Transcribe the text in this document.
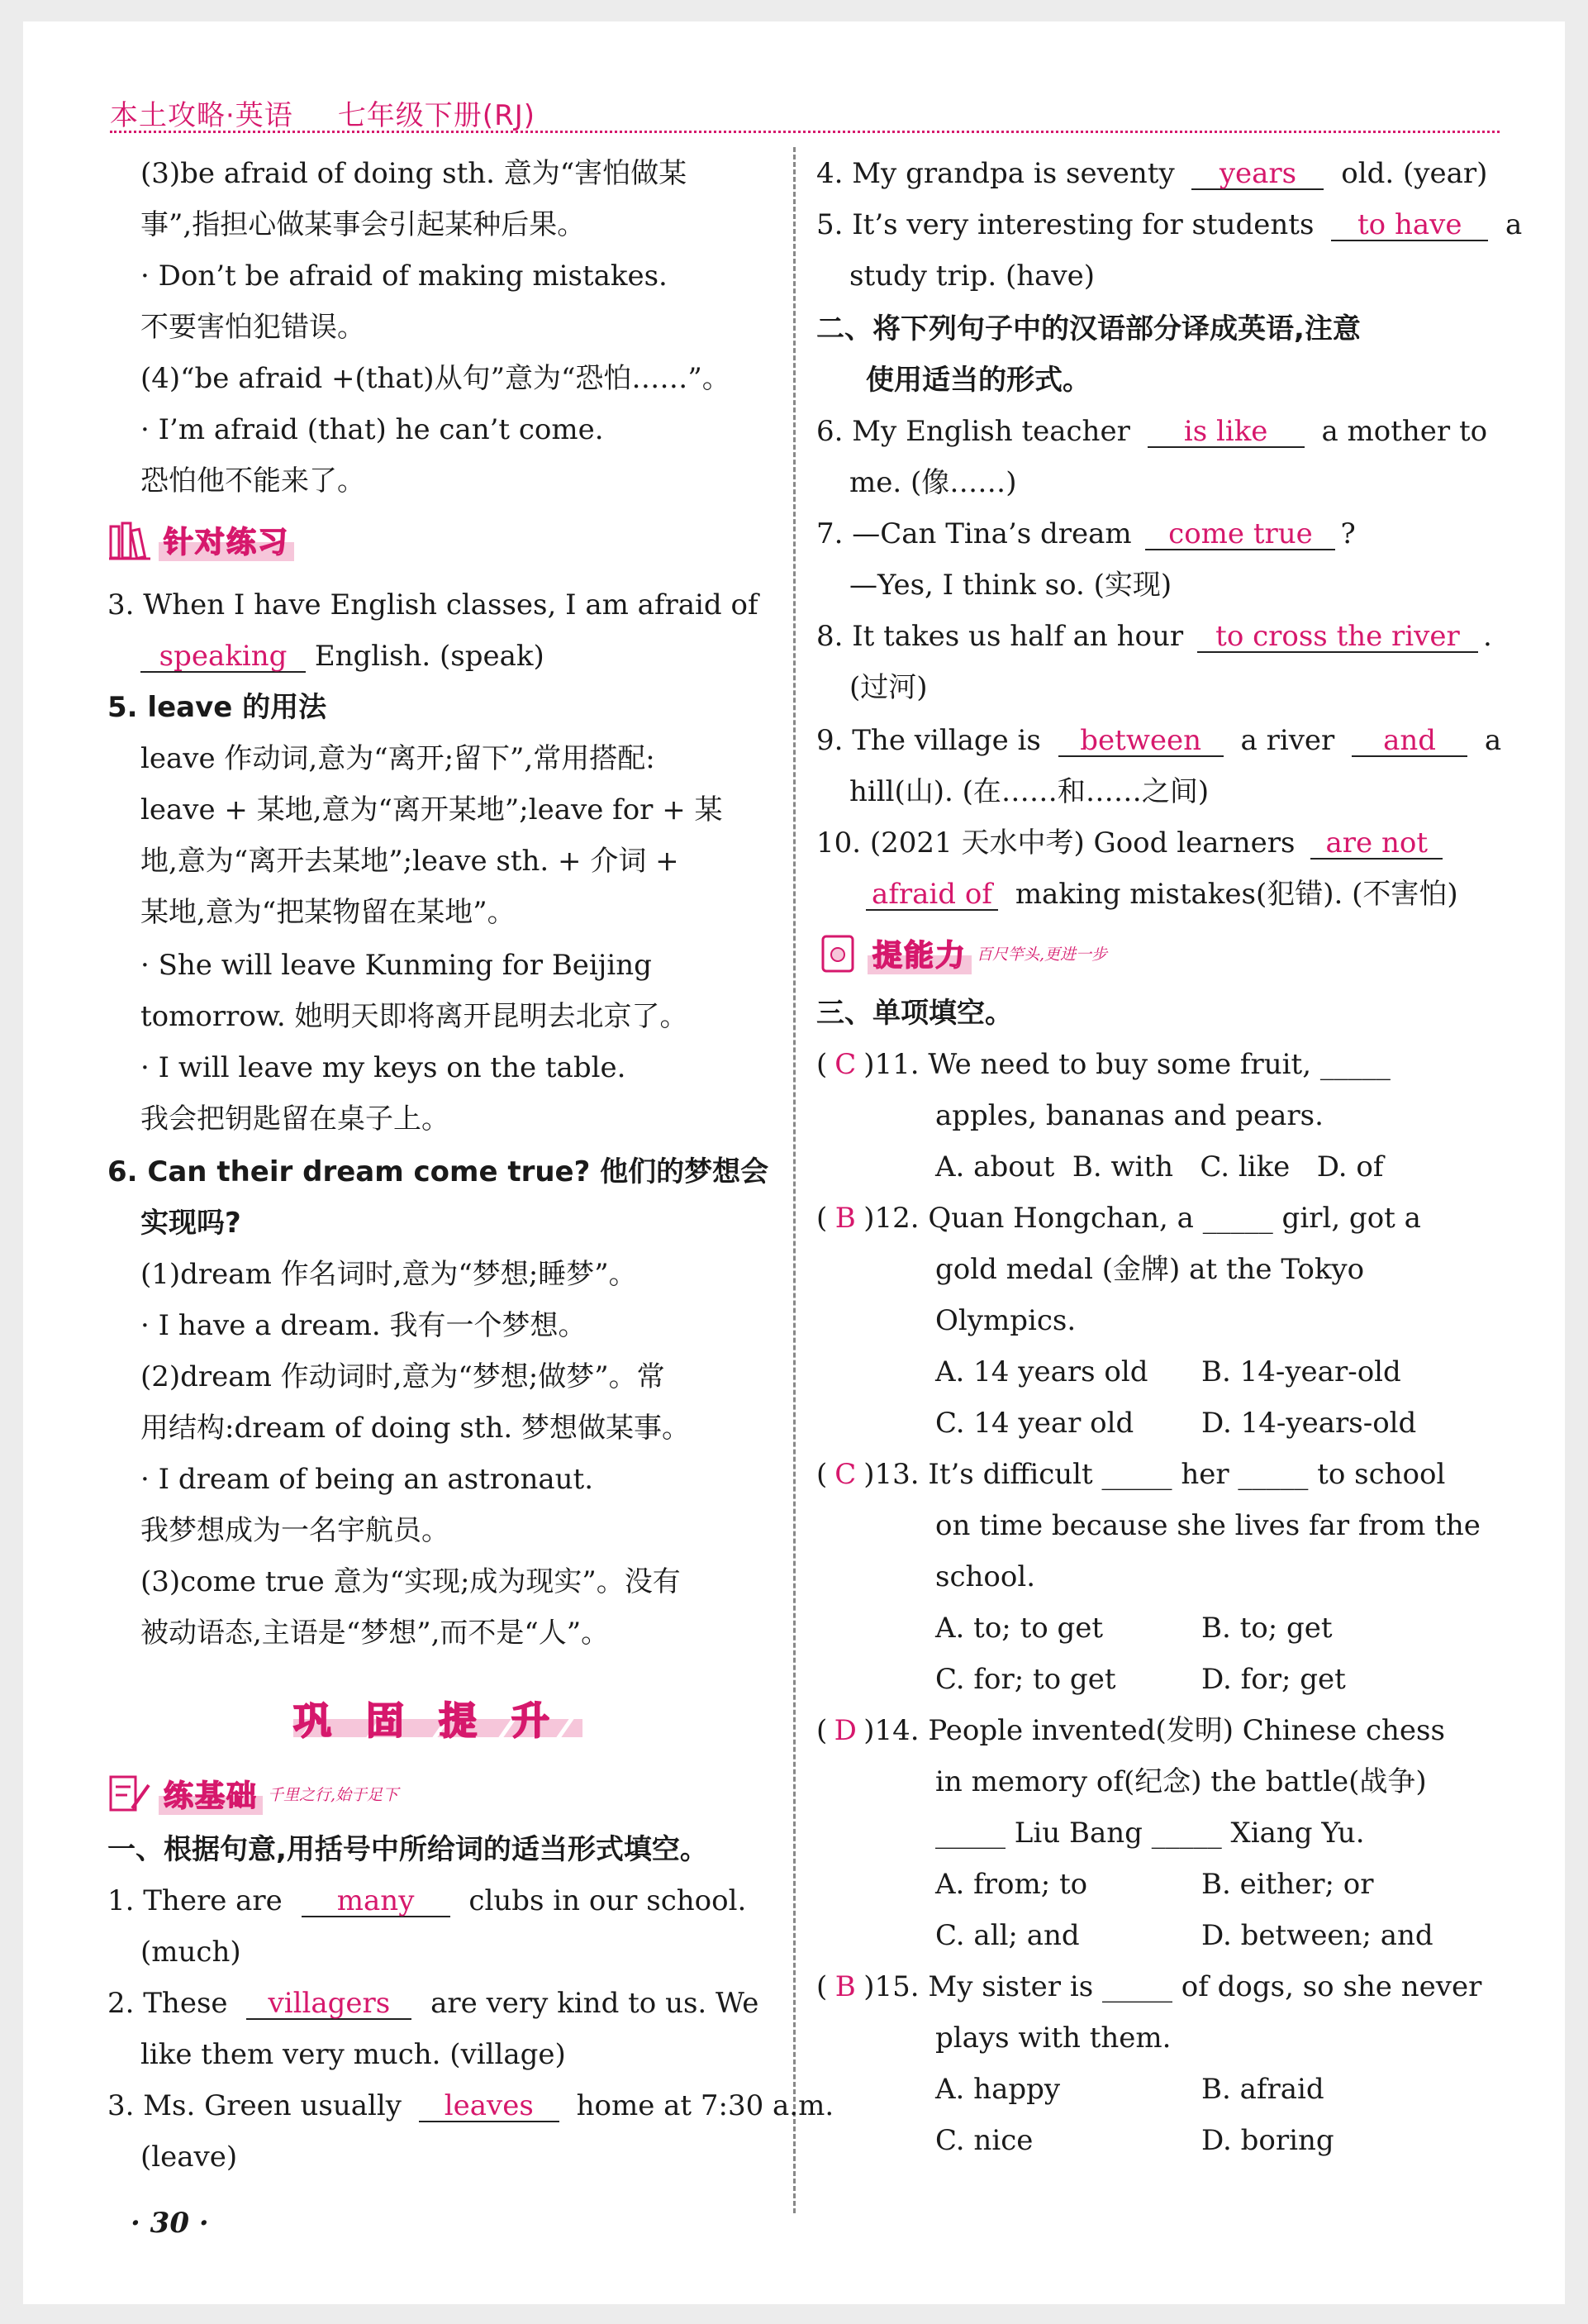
本土攻略·英语 七年级下册(RJ)
(3)be afraid of doing sth. 意为“害怕做某
事”,指担心做某事会引起某种后果。
· Don’t be afraid of making mistakes.
不要害怕犯错误。
(4)“be afraid +(that)从句”意为“恐怕……”。
· I’m afraid (that) he can’t come.
恐怕他不能来了。
针对练习
3. When I have English classes, I am afraid of
speaking English. (speak)
5. leave 的用法
leave 作动词,意为“离开;留下”,常用搭配:
leave + 某地,意为“离开某地”;leave for + 某
地,意为“离开去某地”;leave sth. + 介词 +
某地,意为“把某物留在某地”。
· She will leave Kunming for Beijing
tomorrow. 她明天即将离开昆明去北京了。
· I will leave my keys on the table.
我会把钥匙留在桌子上。
6. Can their dream come true? 他们的梦想会
实现吗?
(1)dream 作名词时,意为“梦想;睡梦”。
· I have a dream. 我有一个梦想。
(2)dream 作动词时,意为“梦想;做梦”。常
用结构:dream of doing sth. 梦想做某事。
· I dream of being an astronaut.
我梦想成为一名宇航员。
(3)come true 意为“实现;成为现实”。没有
被动语态,主语是“梦想”,而不是“人”。
巩 固 提 升
练基础 千里之行,始于足下
一、根据句意,用括号中所给词的适当形式填空。
1. There are many clubs in our school.
(much)
2. These villagers are very kind to us. We
like them very much. (village)
3. Ms. Green usually leaves home at 7:30 a.m.
(leave)
· 30 ·
4. My grandpa is seventy years old. (year)
5. It’s very interesting for students to have a
study trip. (have)
二、将下列句子中的汉语部分译成英语,注意
使用适当的形式。
6. My English teacher is like a mother to
me. (像……)
7. —Can Tina’s dream come true ?
—Yes, I think so. (实现)
8. It takes us half an hour to cross the river .
(过河)
9. The village is between a river and a
hill(山). (在……和……之间)
10. (2021 天水中考) Good learners are not
afraid of making mistakes(犯错). (不害怕)
提能力 百尺竿头,更进一步
三、单项填空。
( C )11. We need to buy some fruit, _____
apples, bananas and pears.
A. about  B. with   C. like   D. of
( B )12. Quan Hongchan, a _____ girl, got a
gold medal (金牌) at the Tokyo
Olympics.
A. 14 years old B. 14-year-old
C. 14 year old D. 14-years-old
( C )13. It’s difficult _____ her _____ to school
on time because she lives far from the
school.
A. to; to get	B. to; get
C. for; to get	D. for; get
( D )14. People invented(发明) Chinese chess
in memory of(纪念) the battle(战争)
_____ Liu Bang _____ Xiang Yu.
A. from; to	B. either; or
C. all; and	D. between; and
( B )15. My sister is _____ of dogs, so she never
plays with them.
A. happy	B. afraid
C. nice	D. boring
